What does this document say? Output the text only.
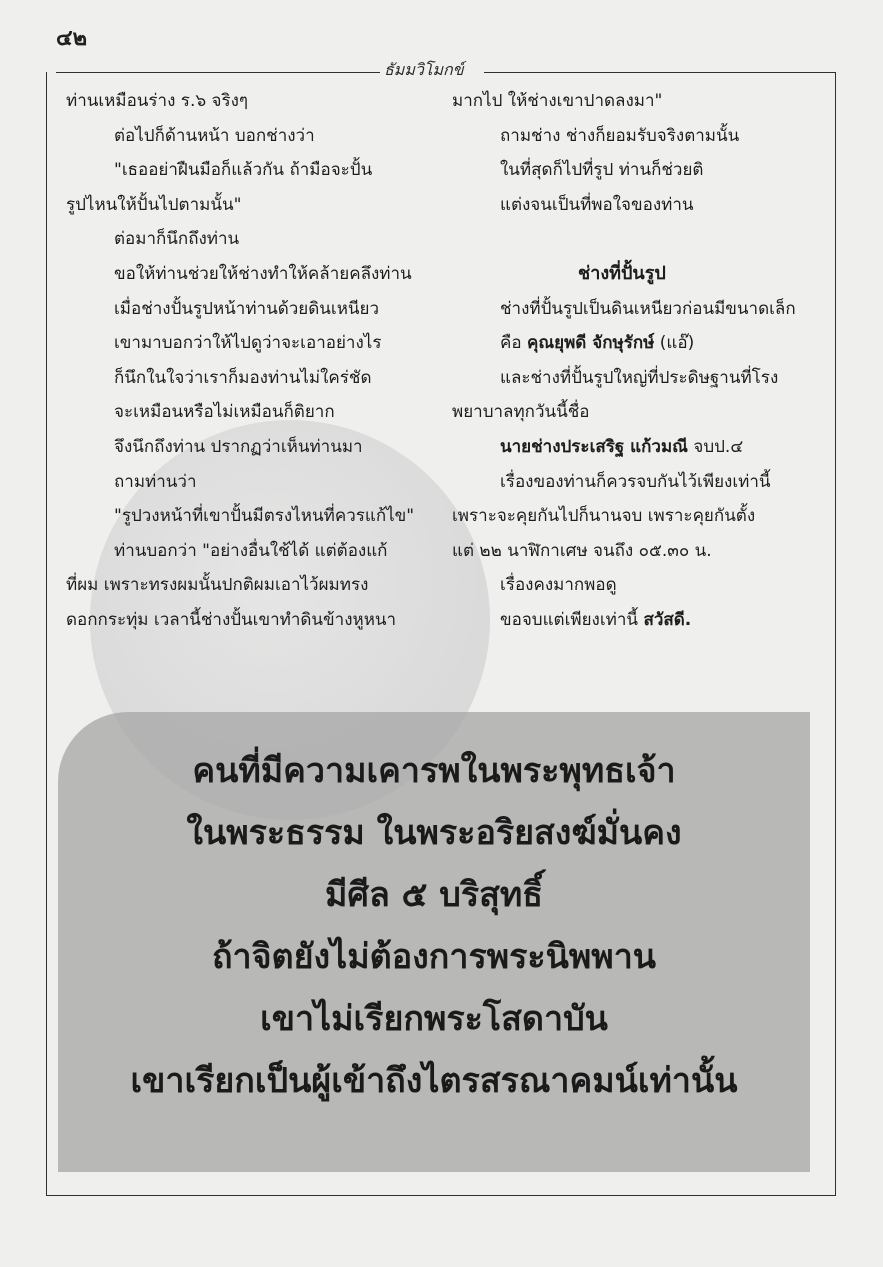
๔๒
ธัมมวิโมกข์
ท่านเหมือนร่าง ร.๖ จริงๆ
ต่อไปก็ด้านหน้า บอกช่างว่า
"เธออย่าฝืนมือก็แล้วกัน ถ้ามือจะปั้น
รูปไหนให้ปั้นไปตามนั้น"
ต่อมาก็นึกถึงท่าน
ขอให้ท่านช่วยให้ช่างทำให้คล้ายคลึงท่าน
เมื่อช่างปั้นรูปหน้าท่านด้วยดินเหนียว
เขามาบอกว่าให้ไปดูว่าจะเอาอย่างไร
ก็นึกในใจว่าเราก็มองท่านไม่ใคร่ชัด
จะเหมือนหรือไม่เหมือนก็ติยาก
จึงนึกถึงท่าน ปรากฏว่าเห็นท่านมา
ถามท่านว่า
"รูปวงหน้าที่เขาปั้นมีตรงไหนที่ควรแก้ไข"
ท่านบอกว่า "อย่างอื่นใช้ได้ แต่ต้องแก้
ที่ผม เพราะทรงผมนั้นปกติผมเอาไว้ผมทรง
ดอกกระทุ่ม เวลานี้ช่างปั้นเขาทำดินข้างหูหนา
มากไป ให้ช่างเขาปาดลงมา"
ถามช่าง ช่างก็ยอมรับจริงตามนั้น
ในที่สุดก็ไปที่รูป ท่านก็ช่วยติ
แต่งจนเป็นที่พอใจของท่าน

ช่างที่ปั้นรูป
ช่างที่ปั้นรูปเป็นดินเหนียวก่อนมีขนาดเล็ก
คือ คุณยุพดี จักษุรักษ์ (แอ๊)
และช่างที่ปั้นรูปใหญ่ที่ประดิษฐานที่โรง
พยาบาลทุกวันนี้ชื่อ
นายช่างประเสริฐ แก้วมณี จบป.๔
เรื่องของท่านก็ควรจบกันไว้เพียงเท่านี้
เพราะจะคุยกันไปก็นานจบ เพราะคุยกันตั้ง
แต่ ๒๒ นาฬิกาเศษ จนถึง ๐๕.๓๐ น.
เรื่องคงมากพอดู
ขอจบแต่เพียงเท่านี้ สวัสดี.
คนที่มีความเคารพในพระพุทธเจ้า
ในพระธรรม ในพระอริยสงฆ์มั่นคง
มีศีล ๕ บริสุทธิ์
ถ้าจิตยังไม่ต้องการพระนิพพาน
เขาไม่เรียกพระโสดาบัน
เขาเรียกเป็นผู้เข้าถึงไตรสรณาคมน์เท่านั้น
